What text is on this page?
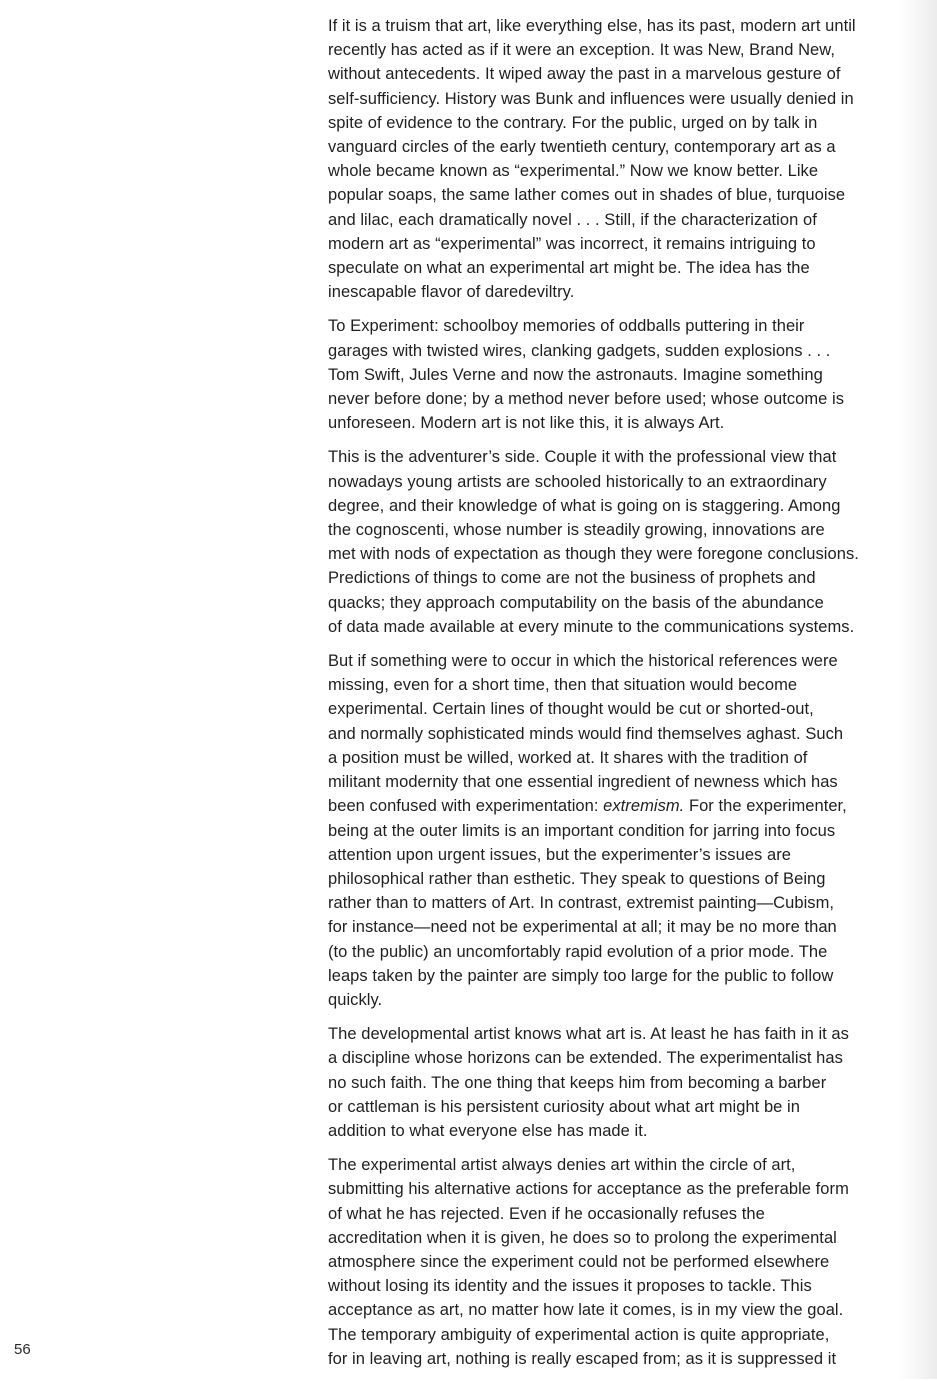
If it is a truism that art, like everything else, has its past, modern art until
recently has acted as if it were an exception. It was New, Brand New,
without antecedents. It wiped away the past in a marvelous gesture of
self-sufficiency. History was Bunk and influences were usually denied in
spite of evidence to the contrary. For the public, urged on by talk in
vanguard circles of the early twentieth century, contemporary art as a
whole became known as “experimental.” Now we know better. Like
popular soaps, the same lather comes out in shades of blue, turquoise
and lilac, each dramatically novel . . . Still, if the characterization of
modern art as “experimental” was incorrect, it remains intriguing to
speculate on what an experimental art might be. The idea has the
inescapable flavor of daredeviltry.
To Experiment: schoolboy memories of oddballs puttering in their
garages with twisted wires, clanking gadgets, sudden explosions . . .
Tom Swift, Jules Verne and now the astronauts. Imagine something
never before done; by a method never before used; whose outcome is
unforeseen. Modern art is not like this, it is always Art.
This is the adventurer’s side. Couple it with the professional view that
nowadays young artists are schooled historically to an extraordinary
degree, and their knowledge of what is going on is staggering. Among
the cognoscenti, whose number is steadily growing, innovations are
met with nods of expectation as though they were foregone conclusions.
Predictions of things to come are not the business of prophets and
quacks; they approach computability on the basis of the abundance
of data made available at every minute to the communications systems.
But if something were to occur in which the historical references were
missing, even for a short time, then that situation would become
experimental. Certain lines of thought would be cut or shorted-out,
and normally sophisticated minds would find themselves aghast. Such
a position must be willed, worked at. It shares with the tradition of
militant modernity that one essential ingredient of newness which has
been confused with experimentation: extremism. For the experimenter,
being at the outer limits is an important condition for jarring into focus
attention upon urgent issues, but the experimenter’s issues are
philosophical rather than esthetic. They speak to questions of Being
rather than to matters of Art. In contrast, extremist painting—Cubism,
for instance—need not be experimental at all; it may be no more than
(to the public) an uncomfortably rapid evolution of a prior mode. The
leaps taken by the painter are simply too large for the public to follow
quickly.
The developmental artist knows what art is. At least he has faith in it as
a discipline whose horizons can be extended. The experimentalist has
no such faith. The one thing that keeps him from becoming a barber
or cattleman is his persistent curiosity about what art might be in
addition to what everyone else has made it.
The experimental artist always denies art within the circle of art,
submitting his alternative actions for acceptance as the preferable form
of what he has rejected. Even if he occasionally refuses the
accreditation when it is given, he does so to prolong the experimental
atmosphere since the experiment could not be performed elsewhere
without losing its identity and the issues it proposes to tackle. This
acceptance as art, no matter how late it comes, is in my view the goal.
The temporary ambiguity of experimental action is quite appropriate,
for in leaving art, nothing is really escaped from; as it is suppressed it
56
